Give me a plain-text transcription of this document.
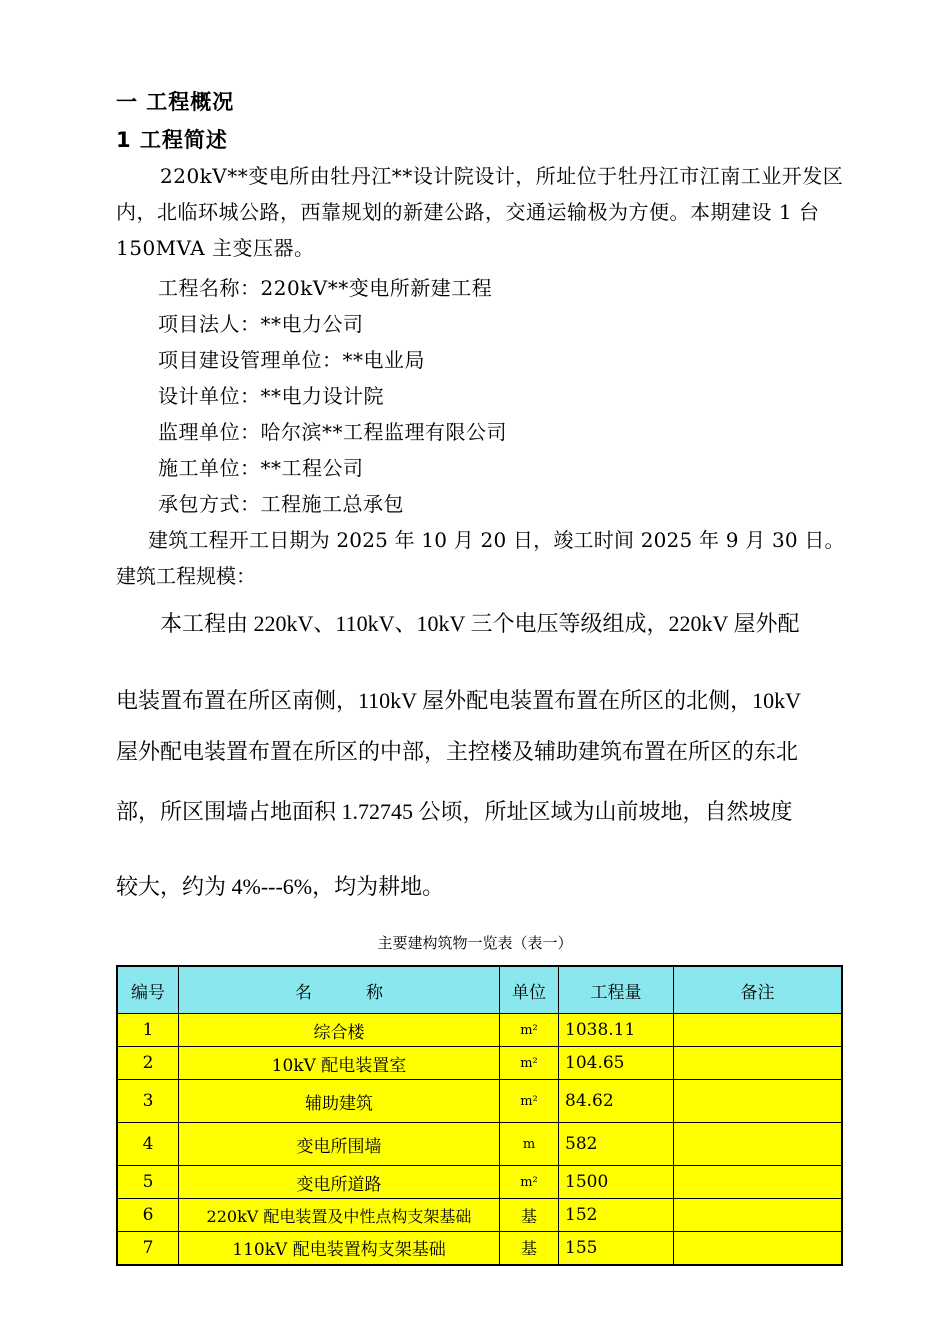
一 工程概况
1 工程简述
220kV**变电所由牡丹江**设计院设计，所址位于牡丹江市江南工业开发区内，北临环城公路，西靠规划的新建公路，交通运输极为方便。本期建设 1 台 150MVA 主变压器。
工程名称：220kV**变电所新建工程
项目法人：**电力公司
项目建设管理单位：**电业局
设计单位：**电力设计院
监理单位：哈尔滨**工程监理有限公司
施工单位：**工程公司
承包方式：工程施工总承包
建筑工程开工日期为 2025 年 10 月 20 日，竣工时间 2025 年 9 月 30 日。
建筑工程规模：
本工程由 220kV、110kV、10kV 三个电压等级组成，220kV 屋外配
电装置布置在所区南侧，110kV 屋外配电装置布置在所区的北侧，10kV
屋外配电装置布置在所区的中部，主控楼及辅助建筑布置在所区的东北
部，所区围墙占地面积 1.72745 公顷，所址区域为山前坡地，自然坡度
较大，约为 4%---6%，均为耕地。
主要建构筑物一览表（表一）
编号	名          称	单位	工程量	备注
1	综合楼	m²	1038.11	
2	10kV 配电装置室	m²	104.65	
3	辅助建筑	m²	84.62	
4	变电所围墙	m	582	
5	变电所道路	m²	1500	
6	220kV 配电装置及中性点构支架基础	基	152	
7	110kV 配电装置构支架基础	基	155	
